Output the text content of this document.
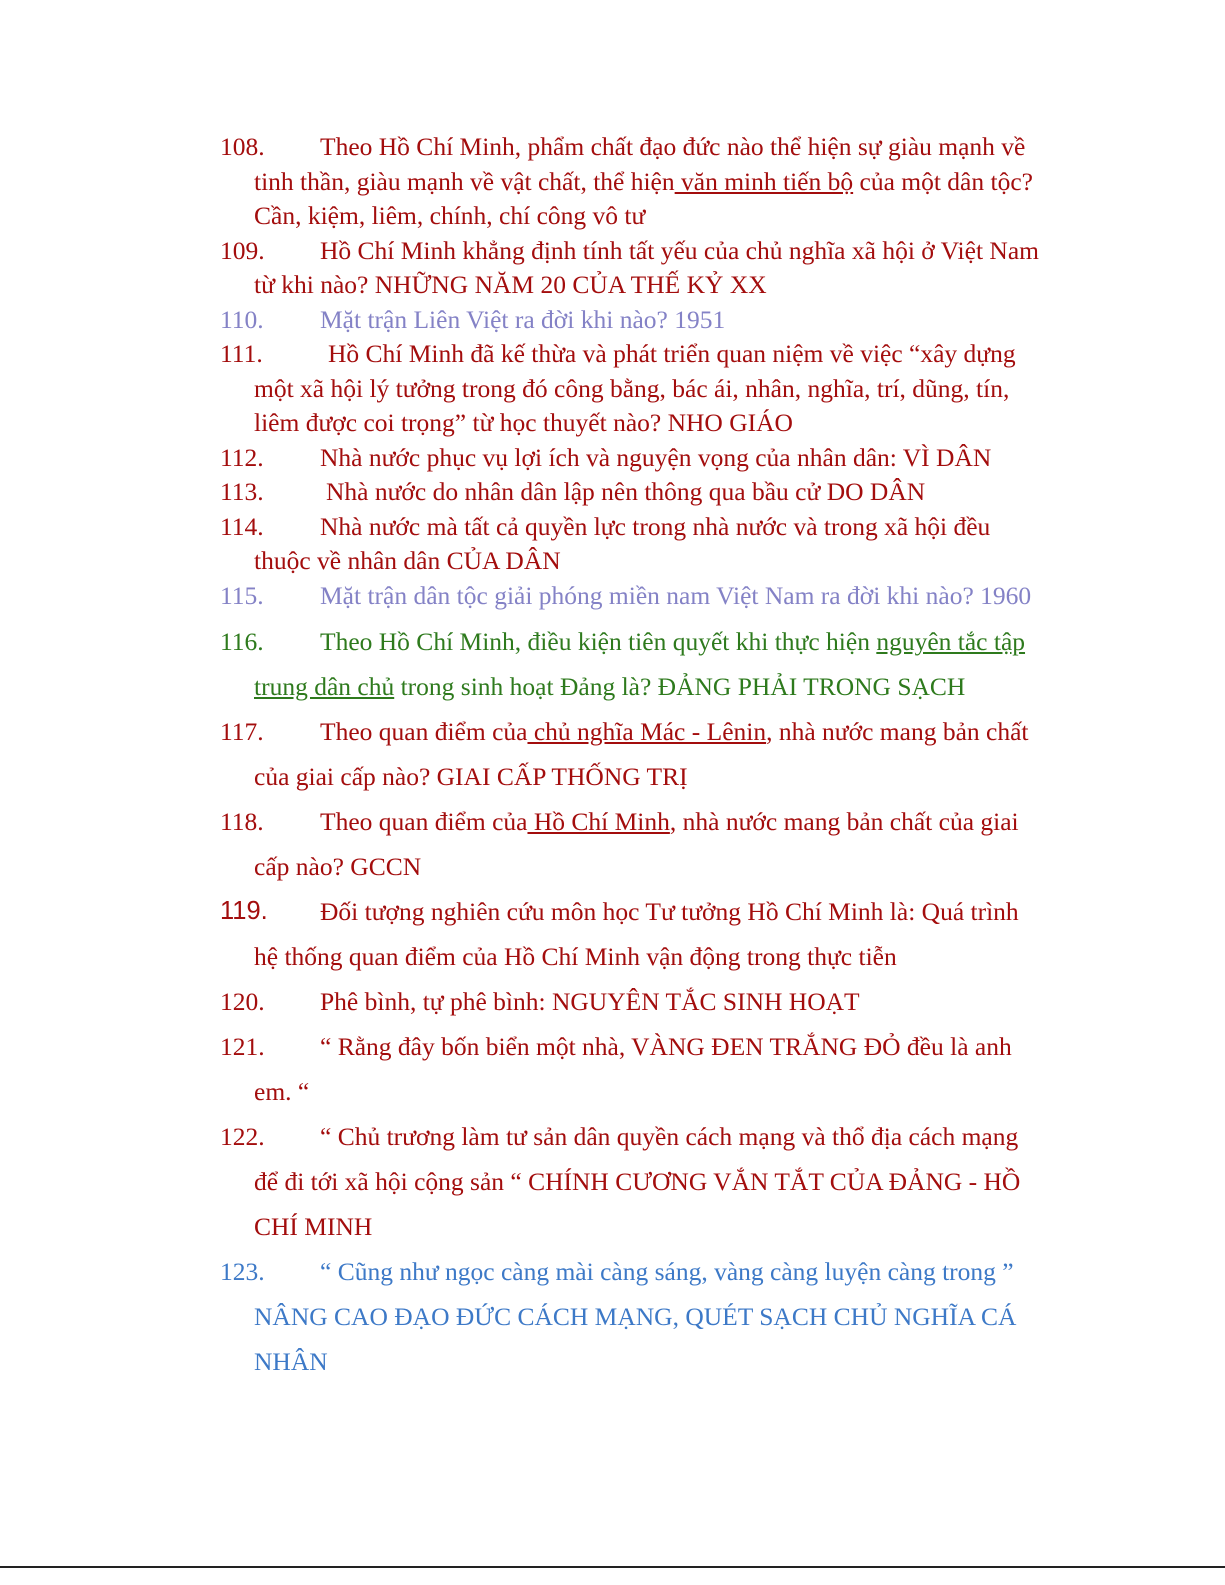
108. Theo Hồ Chí Minh, phẩm chất đạo đức nào thể hiện sự giàu mạnh về tinh thần, giàu mạnh về vật chất, thể hiện văn minh tiến bộ của một dân tộc?
Cần, kiệm, liêm, chính, chí công vô tư

109. Hồ Chí Minh khẳng định tính tất yếu của chủ nghĩa xã hội ở Việt Nam từ khi nào? NHỮNG NĂM 20 CỦA THẾ KỶ XX

110. Mặt trận Liên Việt ra đời khi nào? 1951

111.	Hồ Chí Minh đã kế thừa và phát triển quan niệm về việc “xây dựng một xã hội lý tưởng trong đó công bằng, bác ái, nhân, nghĩa, trí, dũng, tín, liêm được coi trọng” từ học thuyết nào? NHO GIÁO

112. Nhà nước phục vụ lợi ích và nguyện vọng của nhân dân: VÌ DÂN

113. Nhà nước do nhân dân lập nên thông qua bầu cử DO DÂN

114. Nhà nước mà tất cả quyền lực trong nhà nước và trong xã hội đều thuộc về nhân dân CỦA DÂN

115. Mặt trận dân tộc giải phóng miền nam Việt Nam ra đời khi nào? 1960

116. Theo Hồ Chí Minh, điều kiện tiên quyết khi thực hiện nguyên tắc tập trung dân chủ trong sinh hoạt Đảng là? ĐẢNG PHẢI TRONG SẠCH

117. Theo quan điểm của chủ nghĩa Mác - Lênin, nhà nước mang bản chất của giai cấp nào? GIAI CẤP THỐNG TRỊ

118. Theo quan điểm của Hồ Chí Minh, nhà nước mang bản chất của giai cấp nào? GCCN

119. Đối tượng nghiên cứu môn học Tư tưởng Hồ Chí Minh là: Quá trình hệ thống quan điểm của Hồ Chí Minh vận động trong thực tiễn

120. Phê bình, tự phê bình: NGUYÊN TẮC SINH HOẠT

121. “ Rằng đây bốn biển một nhà, VÀNG ĐEN TRẮNG ĐỎ đều là anh em. “

122. “ Chủ trương làm tư sản dân quyền cách mạng và thổ địa cách mạng để đi tới xã hội cộng sản “ CHÍNH CƯƠNG VẮN TẮT CỦA ĐẢNG - HỒ CHÍ MINH

123. “ Cũng như ngọc càng mài càng sáng, vàng càng luyện càng trong ” NÂNG CAO ĐẠO ĐỨC CÁCH MẠNG, QUÉT SẠCH CHỦ NGHĨA CÁ NHÂN
